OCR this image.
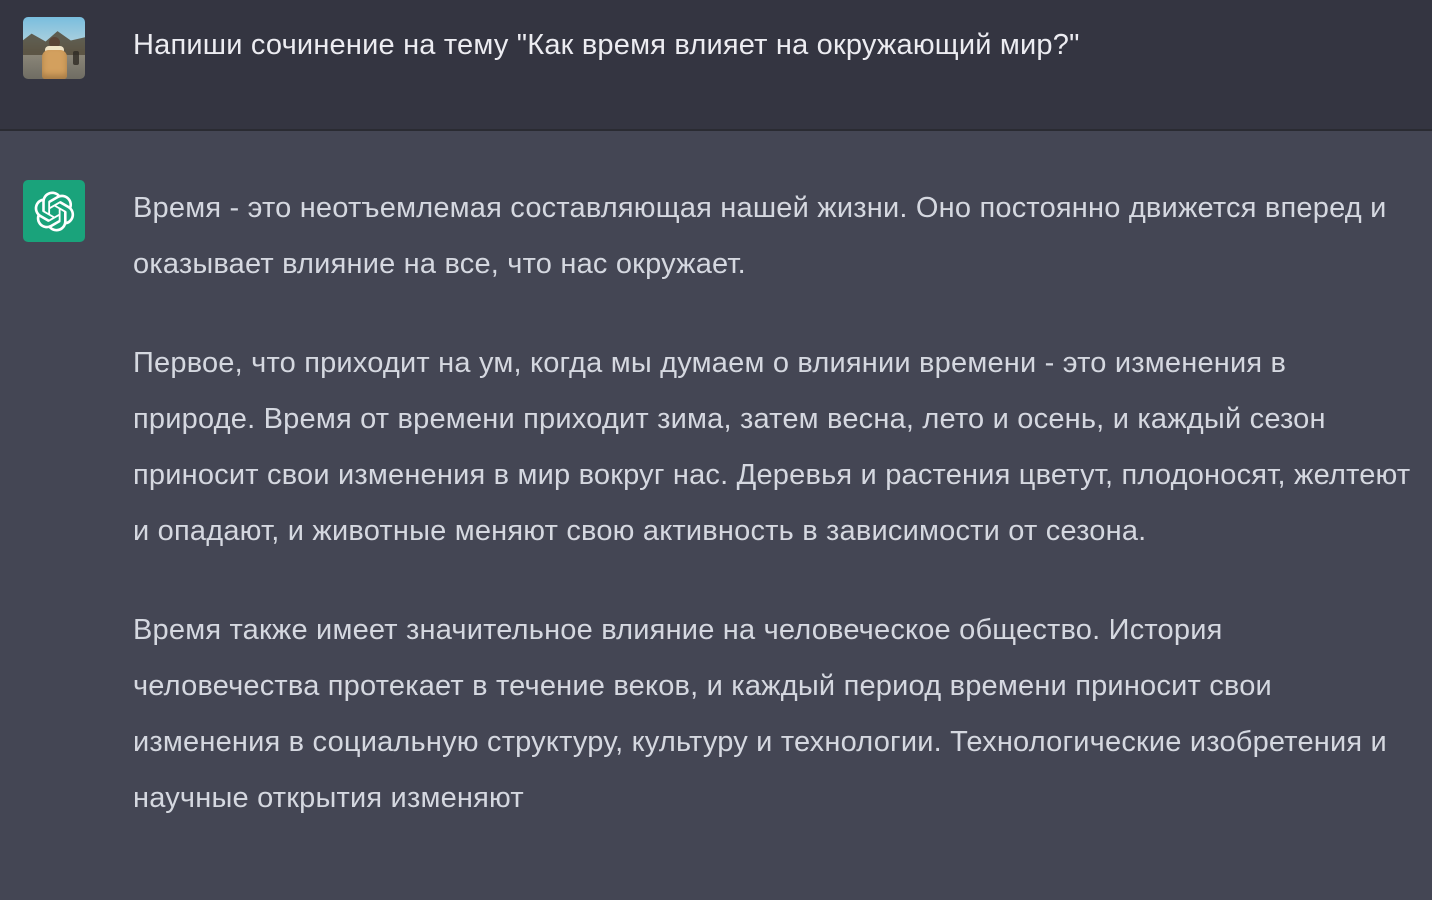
Напиши сочинение на тему "Как время влияет на окружающий мир?"

Время - это неотъемлемая составляющая нашей жизни. Оно постоянно движется вперед и оказывает влияние на все, что нас окружает.

Первое, что приходит на ум, когда мы думаем о влиянии времени - это изменения в природе. Время от времени приходит зима, затем весна, лето и осень, и каждый сезон приносит свои изменения в мир вокруг нас. Деревья и растения цветут, плодоносят, желтеют и опадают, и животные меняют свою активность в зависимости от сезона.

Время также имеет значительное влияние на человеческое общество. История человечества протекает в течение веков, и каждый период времени приносит свои изменения в социальную структуру, культуру и технологии. Технологические изобретения и научные открытия изменяют
